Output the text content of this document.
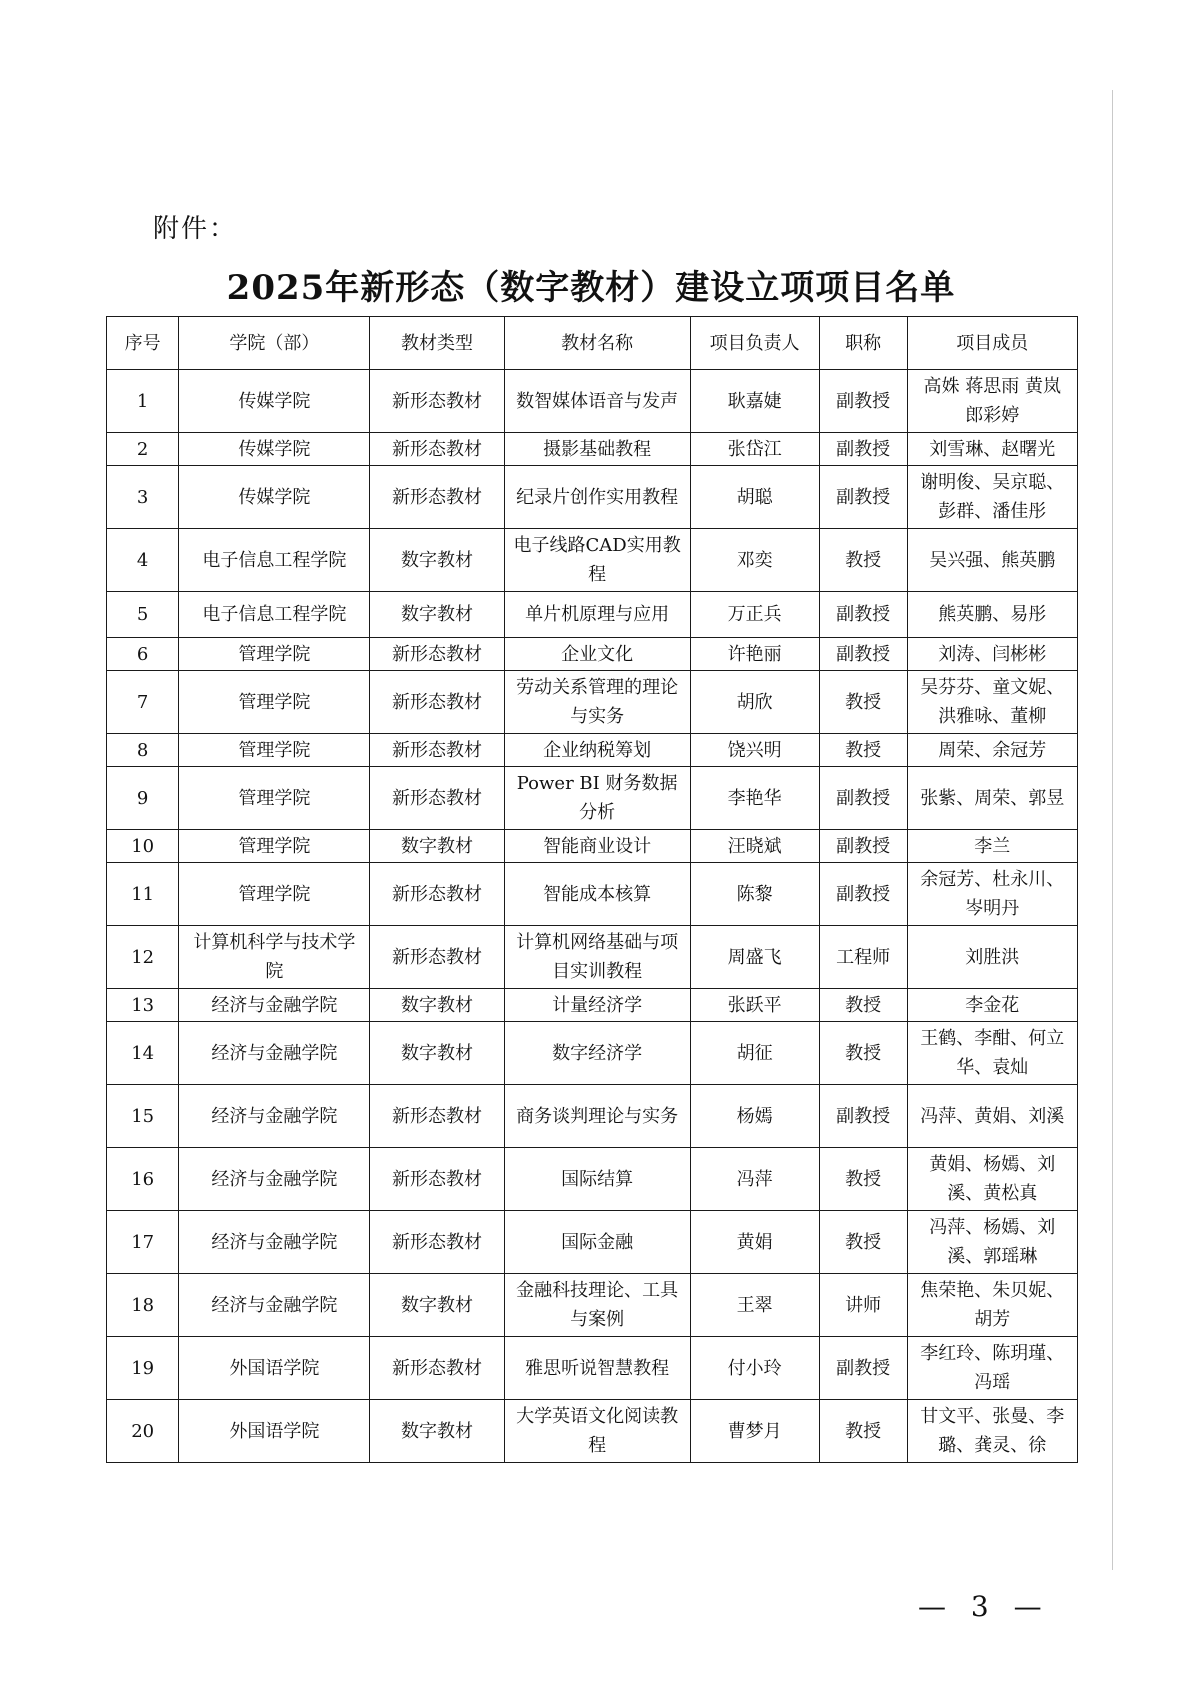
附件：
2025年新形态（数字教材）建设立项项目名单
序号	学院（部）	教材类型	教材名称	项目负责人	职称	项目成员
1	传媒学院	新形态教材	数智媒体语音与发声	耿嘉婕	副教授	高姝 蒋思雨 黄岚 郎彩婷
2	传媒学院	新形态教材	摄影基础教程	张岱江	副教授	刘雪琳、赵曙光
3	传媒学院	新形态教材	纪录片创作实用教程	胡聪	副教授	谢明俊、吴京聪、彭群、潘佳彤
4	电子信息工程学院	数字教材	电子线路CAD实用教程	邓奕	教授	吴兴强、熊英鹏
5	电子信息工程学院	数字教材	单片机原理与应用	万正兵	副教授	熊英鹏、易彤
6	管理学院	新形态教材	企业文化	许艳丽	副教授	刘涛、闫彬彬
7	管理学院	新形态教材	劳动关系管理的理论与实务	胡欣	教授	吴芬芬、童文妮、洪雅咏、董柳
8	管理学院	新形态教材	企业纳税筹划	饶兴明	教授	周荣、余冠芳
9	管理学院	新形态教材	Power BI 财务数据分析	李艳华	副教授	张紫、周荣、郭昱
10	管理学院	数字教材	智能商业设计	汪晓斌	副教授	李兰
11	管理学院	新形态教材	智能成本核算	陈黎	副教授	余冠芳、杜永川、岑明丹
12	计算机科学与技术学院	新形态教材	计算机网络基础与项目实训教程	周盛飞	工程师	刘胜洪
13	经济与金融学院	数字教材	计量经济学	张跃平	教授	李金花
14	经济与金融学院	数字教材	数字经济学	胡征	教授	王鹤、李酣、何立华、袁灿
15	经济与金融学院	新形态教材	商务谈判理论与实务	杨嫣	副教授	冯萍、黄娟、刘溪
16	经济与金融学院	新形态教材	国际结算	冯萍	教授	黄娟、杨嫣、刘溪、黄松真
17	经济与金融学院	新形态教材	国际金融	黄娟	教授	冯萍、杨嫣、刘溪、郭瑶琳
18	经济与金融学院	数字教材	金融科技理论、工具与案例	王翠	讲师	焦荣艳、朱贝妮、胡芳
19	外国语学院	新形态教材	雅思听说智慧教程	付小玲	副教授	李红玲、陈玥瑾、冯瑶
20	外国语学院	数字教材	大学英语文化阅读教程	曹梦月	教授	甘文平、张曼、李璐、龚灵、徐
— 3 —
